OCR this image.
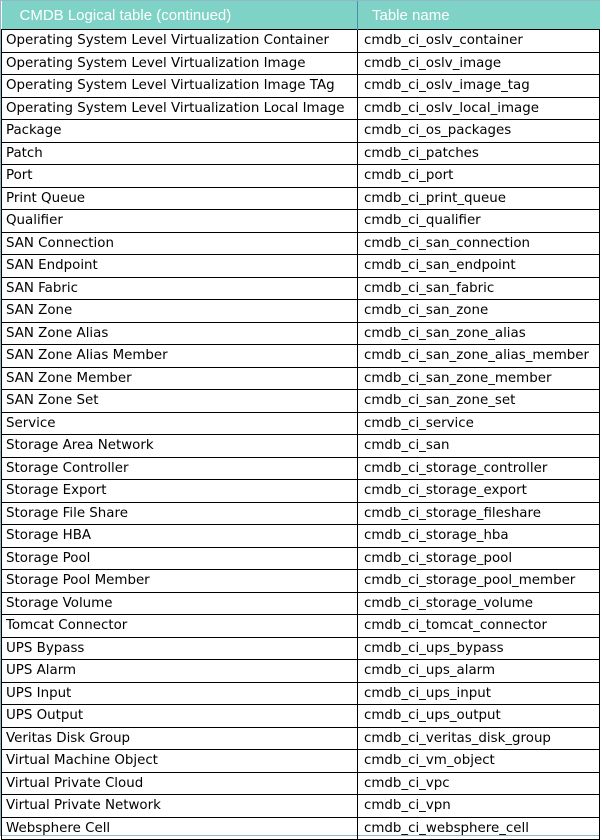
CMDB Logical table (continued)	Table name
Operating System Level Virtualization Container	cmdb_ci_oslv_container
Operating System Level Virtualization Image	cmdb_ci_oslv_image
Operating System Level Virtualization Image TAg	cmdb_ci_oslv_image_tag
Operating System Level Virtualization Local Image	cmdb_ci_oslv_local_image
Package	cmdb_ci_os_packages
Patch	cmdb_ci_patches
Port	cmdb_ci_port
Print Queue	cmdb_ci_print_queue
Qualifier	cmdb_ci_qualifier
SAN Connection	cmdb_ci_san_connection
SAN Endpoint	cmdb_ci_san_endpoint
SAN Fabric	cmdb_ci_san_fabric
SAN Zone	cmdb_ci_san_zone
SAN Zone Alias	cmdb_ci_san_zone_alias
SAN Zone Alias Member	cmdb_ci_san_zone_alias_member
SAN Zone Member	cmdb_ci_san_zone_member
SAN Zone Set	cmdb_ci_san_zone_set
Service	cmdb_ci_service
Storage Area Network	cmdb_ci_san
Storage Controller	cmdb_ci_storage_controller
Storage Export	cmdb_ci_storage_export
Storage File Share	cmdb_ci_storage_fileshare
Storage HBA	cmdb_ci_storage_hba
Storage Pool	cmdb_ci_storage_pool
Storage Pool Member	cmdb_ci_storage_pool_member
Storage Volume	cmdb_ci_storage_volume
Tomcat Connector	cmdb_ci_tomcat_connector
UPS Bypass	cmdb_ci_ups_bypass
UPS Alarm	cmdb_ci_ups_alarm
UPS Input	cmdb_ci_ups_input
UPS Output	cmdb_ci_ups_output
Veritas Disk Group	cmdb_ci_veritas_disk_group
Virtual Machine Object	cmdb_ci_vm_object
Virtual Private Cloud	cmdb_ci_vpc
Virtual Private Network	cmdb_ci_vpn
Websphere Cell	cmdb_ci_websphere_cell
